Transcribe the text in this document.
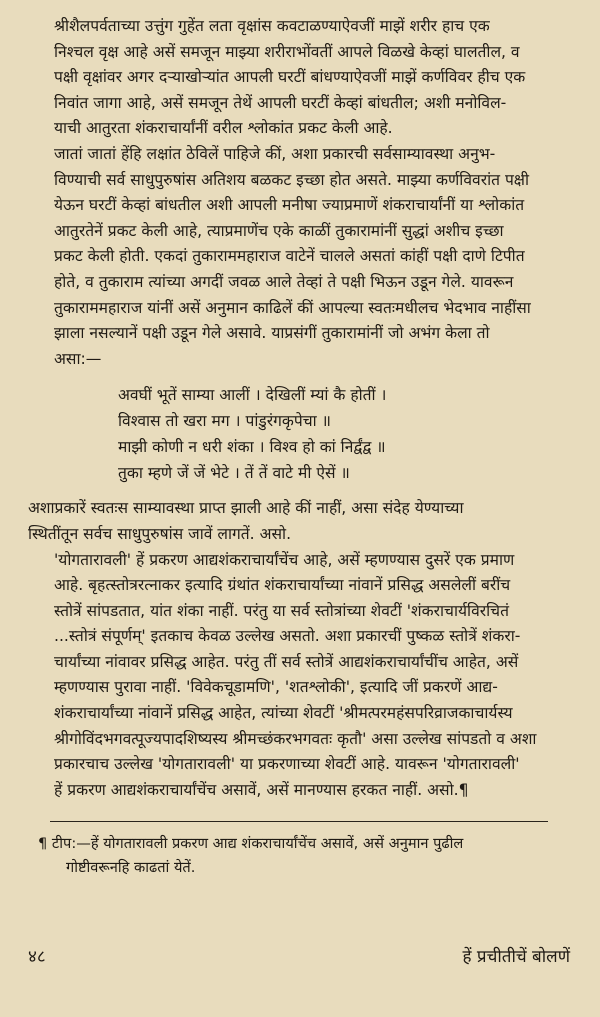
श्रीशैलपर्वताच्या उत्तुंग गुहेंत लता वृक्षांस कवटाळण्याऐवजीं माझें शरीर हाच एक
निश्चल वृक्ष आहे असें समजून माझ्या शरीराभोंवतीं आपले विळखे केव्हां घालतील, व
पक्षी वृक्षांवर अगर दऱ्याखोऱ्यांत आपली घरटीं बांधण्याऐवजीं माझें कर्णविवर हीच एक
निवांत जागा आहे, असें समजून तेथें आपली घरटीं केव्हां बांधतील; अशी मनोविल-
याची आतुरता शंकराचार्यांनीं वरील श्लोकांत प्रकट केली आहे.

जातां जातां हेंहि लक्षांत ठेविलें पाहिजे कीं, अशा प्रकारची सर्वसाम्यावस्था अनुभ-
विण्याची सर्व साधुपुरुषांस अतिशय बळकट इच्छा होत असते. माझ्या कर्णविवरांत पक्षी
येऊन घरटीं केव्हां बांधतील अशी आपली मनीषा ज्याप्रमाणें शंकराचार्यांनीं या श्लोकांत
आतुरतेनें प्रकट केली आहे, त्याप्रमाणेंच एके काळीं तुकारामांनीं सुद्धां अशीच इच्छा
प्रकट केली होती. एकदां तुकाराममहाराज वाटेनें चालले असतां कांहीं पक्षी दाणे टिपीत
होते, व तुकाराम त्यांच्या अगदीं जवळ आले तेव्हां ते पक्षी भिऊन उडून गेले. यावरून
तुकाराममहाराज यांनीं असें अनुमान काढिलें कीं आपल्या स्वतःमधीलच भेदभाव नाहींसा
झाला नसल्यानें पक्षी उडून गेले असावे. याप्रसंगीं तुकारामांनीं जो अभंग केला तो
असा:—

अवघीं भूतें साम्या आलीं । देखिलीं म्यां कै होतीं ।
विश्वास तो खरा मग । पांडुरंगकृपेचा ॥
माझी कोणी न धरी शंका । विश्व हो कां निर्द्वंद्व ॥
तुका म्हणे जें जें भेटे । तें तें वाटे मी ऐसें ॥

अशाप्रकारें स्वतःस साम्यावस्था प्राप्त झाली आहे कीं नाहीं, असा संदेह येण्याच्या
स्थितींतून सर्वच साधुपुरुषांस जावें लागतें. असो.

'योगतारावली' हें प्रकरण आद्यशंकराचार्यांचेंच आहे, असें म्हणण्यास दुसरें एक प्रमाण
आहे. बृहत्स्तोत्ररत्नाकर इत्यादि ग्रंथांत शंकराचार्यांच्या नांवानें प्रसिद्ध असलेलीं बरींच
स्तोत्रें सांपडतात, यांत शंका नाहीं. परंतु या सर्व स्तोत्रांच्या शेवटीं 'शंकराचार्यविरचितं
...स्तोत्रं संपूर्णम्' इतकाच केवळ उल्लेख असतो. अशा प्रकारचीं पुष्कळ स्तोत्रें शंकरा-
चार्यांच्या नांवावर प्रसिद्ध आहेत. परंतु तीं सर्व स्तोत्रें आद्यशंकराचार्यांचींच आहेत, असें
म्हणण्यास पुरावा नाहीं. 'विवेकचूडामणि', 'शतश्लोकी', इत्यादि जीं प्रकरणें आद्य-
शंकराचार्यांच्या नांवानें प्रसिद्ध आहेत, त्यांच्या शेवटीं 'श्रीमत्परमहंसपरिव्राजकाचार्यस्य
श्रीगोविंदभगवत्पूज्यपादशिष्यस्य श्रीमच्छंकरभगवतः कृतौ' असा उल्लेख सांपडतो व अशा
प्रकारचाच उल्लेख 'योगतारावली' या प्रकरणाच्या शेवटीं आहे. यावरून 'योगतारावली'
हें प्रकरण आद्यशंकराचार्यांचेंच असावें, असें मानण्यास हरकत नाहीं. असो.¶

¶ टीप:—हें योगतारावली प्रकरण आद्य शंकराचार्यांचेंच असावें, असें अनुमान पुढील
गोष्टीवरूनहि काढतां येतें.
४८	हें प्रचीतीचें बोलणें
